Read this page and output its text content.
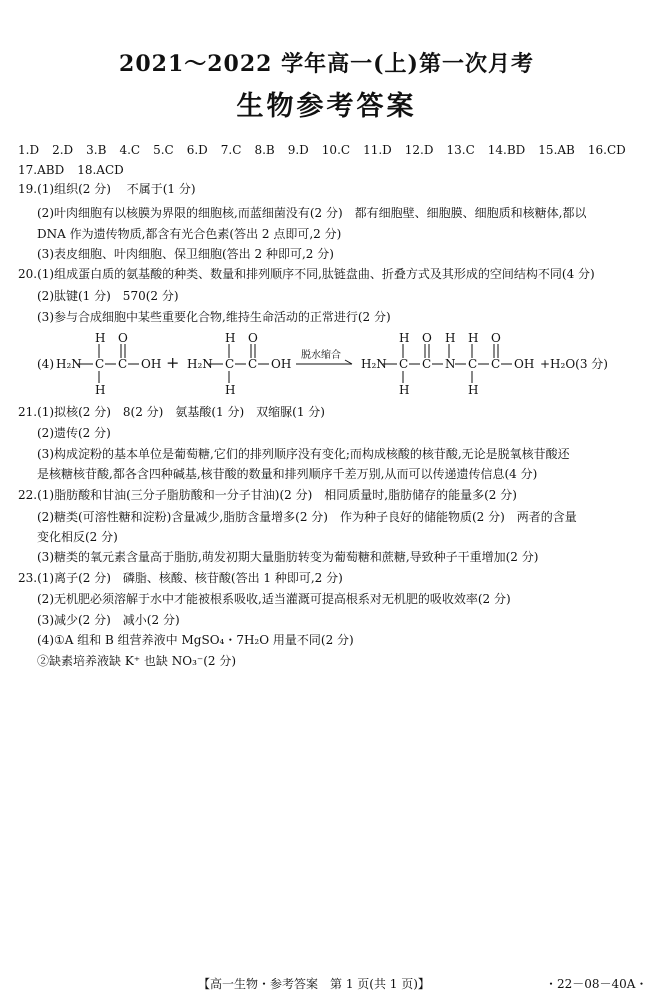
2021～2022 学年高一(上)第一次月考
生物参考答案
1.D 2.D 3.B 4.C 5.C 6.D 7.C 8.B 9.D 10.C 11.D 12.D 13.C 14.BD 15.AB 16.CD
17.ABD 18.ACD
19.(1)组织(2 分)　 不属于(1 分)
(2)叶肉细胞有以核膜为界限的细胞核,而蓝细菌没有(2 分)　都有细胞壁、细胞膜、细胞质和核糖体,都以
DNA 作为遗传物质,都含有光合色素(答出 2 点即可,2 分)
(3)表皮细胞、叶肉细胞、保卫细胞(答出 2 种即可,2 分)
20.(1)组成蛋白质的氨基酸的种类、数量和排列顺序不同,肽链盘曲、折叠方式及其形成的空间结构不同(4 分)
(2)肽键(1 分)　570(2 分)
(3)参与合成细胞中某些重要化合物,维持生命活动的正常进行(2 分)
(4) H₂N C
H
H
C
O
OH + H₂N C
H
H
C
O
OH
脱水缩合
H₂N C
H
H
C
O
N
H
C
H
H
C
O
OH +H₂O(3 分)
21.(1)拟核(2 分)　8(2 分)　氨基酸(1 分)　双缩脲(1 分)
(2)遗传(2 分)
(3)构成淀粉的基本单位是葡萄糖,它们的排列顺序没有变化;而构成核酸的核苷酸,无论是脱氧核苷酸还
是核糖核苷酸,都各含四种碱基,核苷酸的数量和排列顺序千差万别,从而可以传递遗传信息(4 分)
22.(1)脂肪酸和甘油(三分子脂肪酸和一分子甘油)(2 分)　相同质量时,脂肪储存的能量多(2 分)
(2)糖类(可溶性糖和淀粉)含量减少,脂肪含量增多(2 分)　作为种子良好的储能物质(2 分)　两者的含量
变化相反(2 分)
(3)糖类的氧元素含量高于脂肪,萌发初期大量脂肪转变为葡萄糖和蔗糖,导致种子干重增加(2 分)
23.(1)离子(2 分)　磷脂、核酸、核苷酸(答出 1 种即可,2 分)
(2)无机肥必须溶解于水中才能被根系吸收,适当灌溉可提高根系对无机肥的吸收效率(2 分)
(3)减少(2 分)　减小(2 分)
(4)①A 组和 B 组营养液中 MgSO₄・7H₂O 用量不同(2 分)
②缺素培养液缺 K⁺ 也缺 NO₃⁻(2 分)
【高一生物・参考答案　第 1 页(共 1 页)】	・22－08－40A・
